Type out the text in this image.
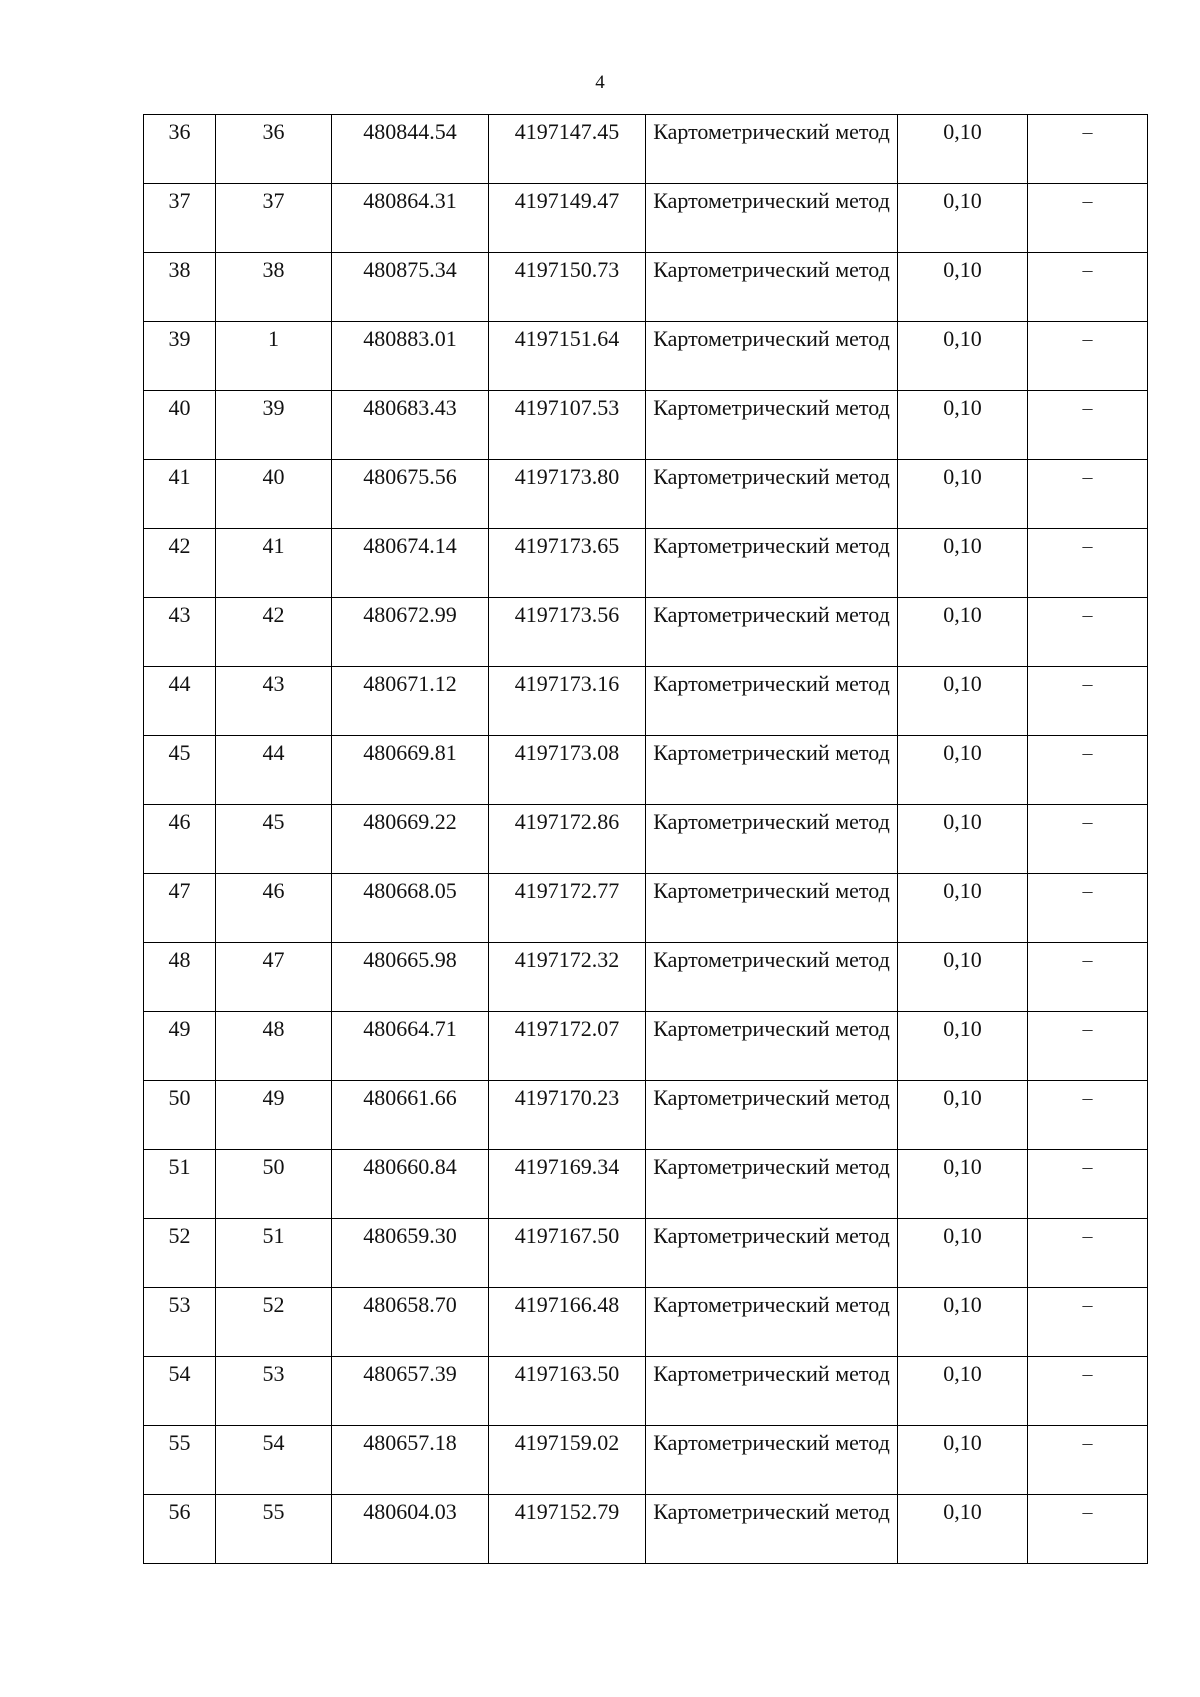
4
36	36	480844.54	4197147.45	Картометрический метод	0,10	–
37	37	480864.31	4197149.47	Картометрический метод	0,10	–
38	38	480875.34	4197150.73	Картометрический метод	0,10	–
39	1	480883.01	4197151.64	Картометрический метод	0,10	–
40	39	480683.43	4197107.53	Картометрический метод	0,10	–
41	40	480675.56	4197173.80	Картометрический метод	0,10	–
42	41	480674.14	4197173.65	Картометрический метод	0,10	–
43	42	480672.99	4197173.56	Картометрический метод	0,10	–
44	43	480671.12	4197173.16	Картометрический метод	0,10	–
45	44	480669.81	4197173.08	Картометрический метод	0,10	–
46	45	480669.22	4197172.86	Картометрический метод	0,10	–
47	46	480668.05	4197172.77	Картометрический метод	0,10	–
48	47	480665.98	4197172.32	Картометрический метод	0,10	–
49	48	480664.71	4197172.07	Картометрический метод	0,10	–
50	49	480661.66	4197170.23	Картометрический метод	0,10	–
51	50	480660.84	4197169.34	Картометрический метод	0,10	–
52	51	480659.30	4197167.50	Картометрический метод	0,10	–
53	52	480658.70	4197166.48	Картометрический метод	0,10	–
54	53	480657.39	4197163.50	Картометрический метод	0,10	–
55	54	480657.18	4197159.02	Картометрический метод	0,10	–
56	55	480604.03	4197152.79	Картометрический метод	0,10	–
